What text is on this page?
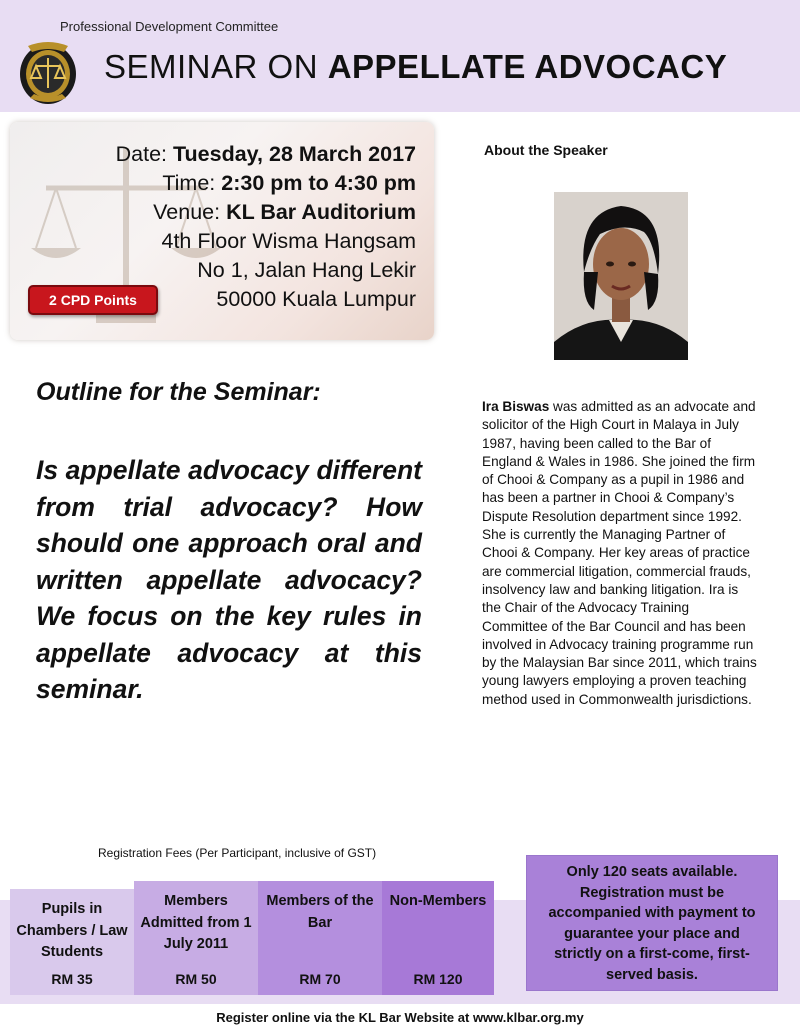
Professional Development Committee
SEMINAR ON APPELLATE ADVOCACY
Date: Tuesday, 28 March 2017
Time: 2:30 pm to 4:30 pm
Venue: KL Bar Auditorium
4th Floor Wisma Hangsam
No 1, Jalan Hang Lekir
50000 Kuala Lumpur
2 CPD Points
Outline for the Seminar:
Is appellate advocacy different from trial advocacy? How should one approach oral and written appellate advocacy? We focus on the key rules in appellate advocacy at this seminar.
About the Speaker
Ira Biswas was admitted as an advocate and solicitor of the High Court in Malaya in July 1987, having been called to the Bar of England & Wales in 1986. She joined the firm of Chooi & Company as a pupil in 1986 and has been a partner in Chooi & Company’s Dispute Resolution department since 1992. She is currently the Managing Partner of Chooi & Company. Her key areas of practice are commercial litigation, commercial frauds, insolvency law and banking litigation. Ira is the Chair of the Advocacy Training Committee of the Bar Council and has been involved in Advocacy training programme run by the Malaysian Bar since 2011, which trains young lawyers employing a proven teaching method used in Commonwealth jurisdictions.
Registration Fees (Per Participant, inclusive of GST)
Pupils in Chambers / Law Students
RM 35
Members Admitted from 1 July 2011
RM 50
Members of the Bar
RM 70
Non-Members
RM 120
Only 120 seats available. Registration must be accompanied with payment to guarantee your place and strictly on a first-come, first-served basis.
Register online via the KL Bar Website at www.klbar.org.my
